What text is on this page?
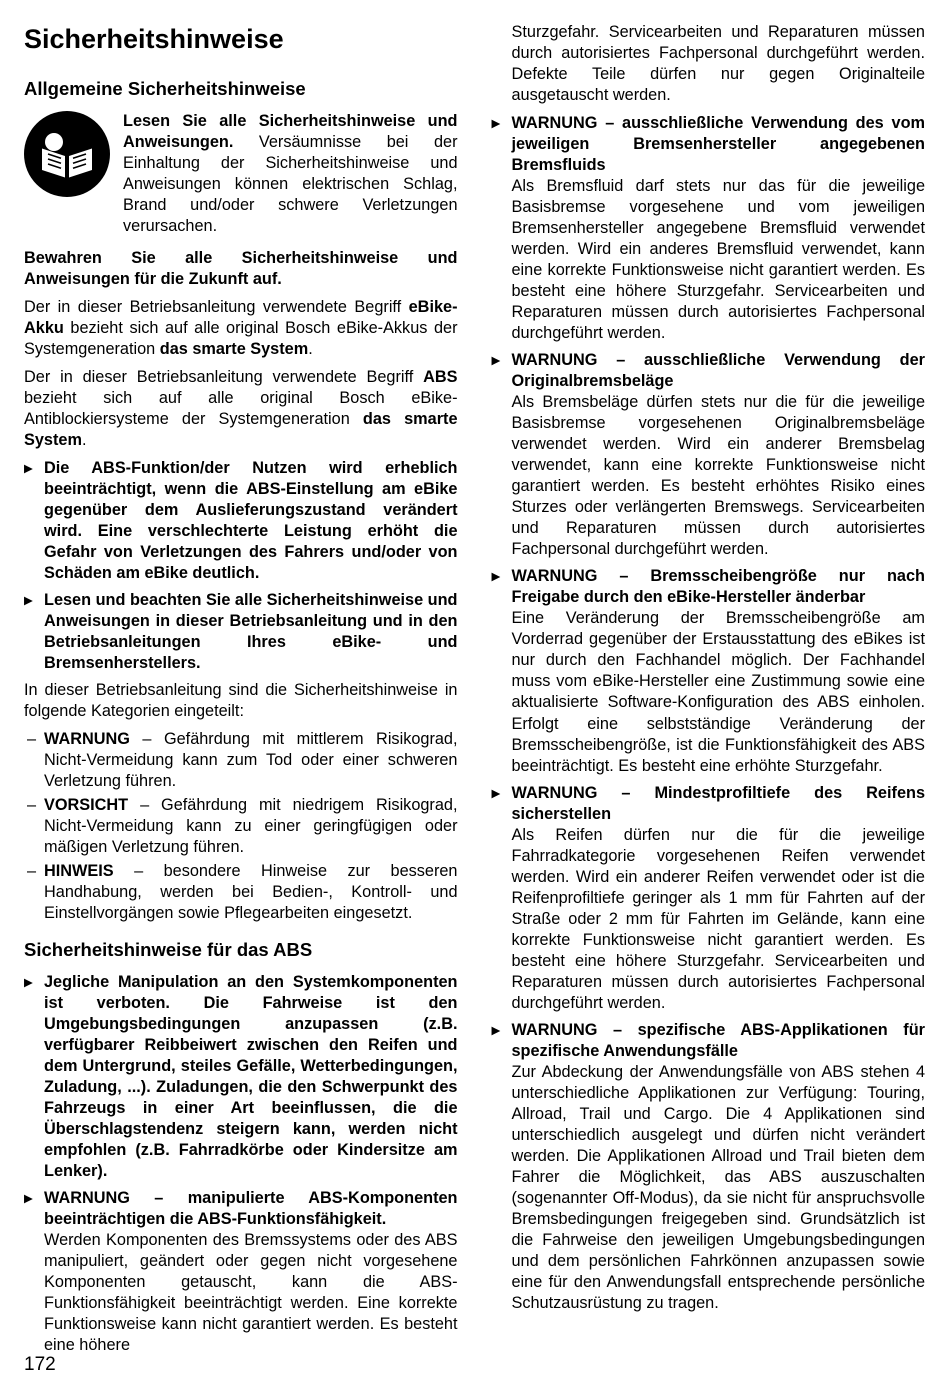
Sicherheitshinweise
Allgemeine Sicherheitshinweise

Lesen Sie alle Sicherheitshinweise und Anweisungen. Versäumnisse bei der Einhaltung der Sicherheitshinweise und Anweisungen können elektrischen Schlag, Brand und/oder schwere Verletzungen verursachen.

Bewahren Sie alle Sicherheitshinweise und Anweisungen für die Zukunft auf.

Der in dieser Betriebsanleitung verwendete Begriff eBike-Akku bezieht sich auf alle original Bosch eBike-Akkus der Systemgeneration das smarte System.

Der in dieser Betriebsanleitung verwendete Begriff ABS bezieht sich auf alle original Bosch eBike-Antiblockiersysteme der Systemgeneration das smarte System.

▶ Die ABS-Funktion/der Nutzen wird erheblich beeinträchtigt, wenn die ABS-Einstellung am eBike gegenüber dem Auslieferungszustand verändert wird. Eine verschlechterte Leistung erhöht die Gefahr von Verletzungen des Fahrers und/oder von Schäden am eBike deutlich.
▶ Lesen und beachten Sie alle Sicherheitshinweise und Anweisungen in dieser Betriebsanleitung und in den Betriebsanleitungen Ihres eBike- und Bremsenherstellers.

In dieser Betriebsanleitung sind die Sicherheitshinweise in folgende Kategorien eingeteilt:

– WARNUNG – Gefährdung mit mittlerem Risikograd, Nicht-Vermeidung kann zum Tod oder einer schweren Verletzung führen.
– VORSICHT – Gefährdung mit niedrigem Risikograd, Nicht-Vermeidung kann zu einer geringfügigen oder mäßigen Verletzung führen.
– HINWEIS – besondere Hinweise zur besseren Handhabung, werden bei Bedien-, Kontroll- und Einstellvorgängen sowie Pflegearbeiten eingesetzt.
Sicherheitshinweise für das ABS
▶ Jegliche Manipulation an den Systemkomponenten ist verboten. Die Fahrweise ist den Umgebungsbedingungen anzupassen (z.B. verfügbarer Reibbeiwert zwischen den Reifen und dem Untergrund, steiles Gefälle, Wetterbedingungen, Zuladung, ...). Zuladungen, die den Schwerpunkt des Fahrzeugs in einer Art beeinflussen, die die Überschlagstendenz steigern kann, werden nicht empfohlen (z.B. Fahrradkörbe oder Kindersitze am Lenker).
▶ WARNUNG – manipulierte ABS-Komponenten beeinträchtigen die ABS-Funktionsfähigkeit.
Werden Komponenten des Bremssystems oder des ABS manipuliert, geändert oder gegen nicht vorgesehene Komponenten getauscht, kann die ABS-Funktionsfähigkeit beeinträchtigt werden. Eine korrekte Funktionsweise kann nicht garantiert werden. Es besteht eine höhere

Sturzgefahr. Servicearbeiten und Reparaturen müssen durch autorisiertes Fachpersonal durchgeführt werden. Defekte Teile dürfen nur gegen Originalteile ausgetauscht werden.

▶ WARNUNG – ausschließliche Verwendung des vom jeweiligen Bremsenhersteller angegebenen Bremsfluids
Als Bremsfluid darf stets nur das für die jeweilige Basisbremse vorgesehene und vom jeweiligen Bremsenhersteller angegebene Bremsfluid verwendet werden. Wird ein anderes Bremsfluid verwendet, kann eine korrekte Funktionsweise nicht garantiert werden. Es besteht eine höhere Sturzgefahr. Servicearbeiten und Reparaturen müssen durch autorisiertes Fachpersonal durchgeführt werden.
▶ WARNUNG – ausschließliche Verwendung der Originalbremsbeläge
Als Bremsbeläge dürfen stets nur die für die jeweilige Basisbremse vorgesehenen Originalbremsbeläge verwendet werden. Wird ein anderer Bremsbelag verwendet, kann eine korrekte Funktionsweise nicht garantiert werden. Es besteht erhöhtes Risiko eines Sturzes oder verlängerten Bremswegs. Servicearbeiten und Reparaturen müssen durch autorisiertes Fachpersonal durchgeführt werden.
▶ WARNUNG – Bremsscheibengröße nur nach Freigabe durch den eBike-Hersteller änderbar
Eine Veränderung der Bremsscheibengröße am Vorderrad gegenüber der Erstausstattung des eBikes ist nur durch den Fachhandel möglich. Der Fachhandel muss vom eBike-Hersteller eine Zustimmung sowie eine aktualisierte Software-Konfiguration des ABS einholen. Erfolgt eine selbstständige Veränderung der Bremsscheibengröße, ist die Funktionsfähigkeit des ABS beeinträchtigt. Es besteht eine erhöhte Sturzgefahr.
▶ WARNUNG – Mindestprofiltiefe des Reifens sicherstellen
Als Reifen dürfen nur die für die jeweilige Fahrradkategorie vorgesehenen Reifen verwendet werden. Wird ein anderer Reifen verwendet oder ist die Reifenprofiltiefe geringer als 1 mm für Fahrten auf der Straße oder 2 mm für Fahrten im Gelände, kann eine korrekte Funktionsweise nicht garantiert werden. Es besteht eine höhere Sturzgefahr. Servicearbeiten und Reparaturen müssen durch autorisiertes Fachpersonal durchgeführt werden.
▶ WARNUNG – spezifische ABS-Applikationen für spezifische Anwendungsfälle
Zur Abdeckung der Anwendungsfälle von ABS stehen 4 unterschiedliche Applikationen zur Verfügung: Touring, Allroad, Trail und Cargo. Die 4 Applikationen sind unterschiedlich ausgelegt und dürfen nicht verändert werden. Die Applikationen Allroad und Trail bieten dem Fahrer die Möglichkeit, das ABS auszuschalten (sogenannter Off-Modus), da sie nicht für anspruchsvolle Bremsbedingungen freigegeben sind. Grundsätzlich ist die Fahrweise den jeweiligen Umgebungsbedingungen und dem persönlichen Fahrkönnen anzupassen sowie eine für den Anwendungsfall entsprechende persönliche Schutzausrüstung zu tragen.
172
